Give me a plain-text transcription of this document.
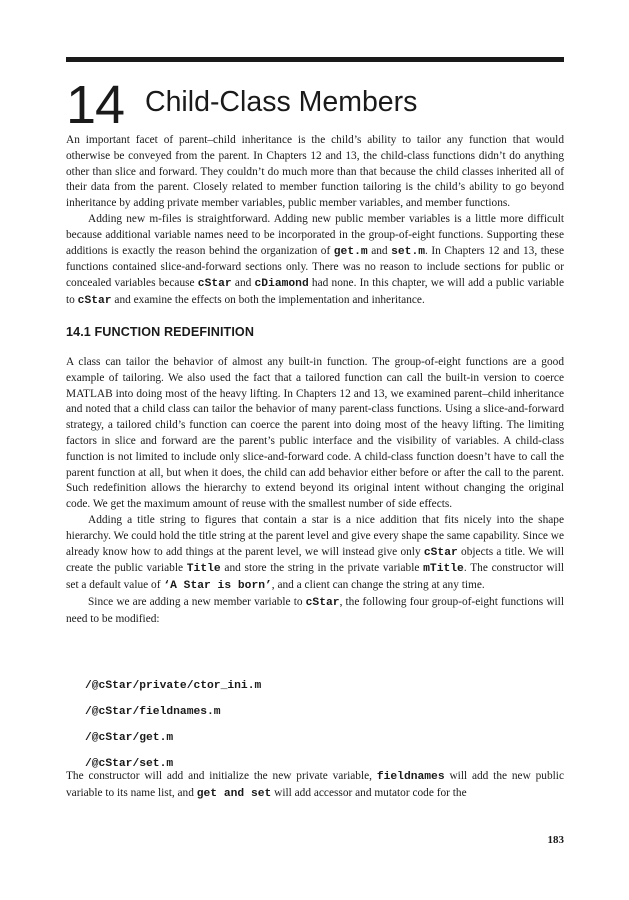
14 Child-Class Members

An important facet of parent–child inheritance is the child’s ability to tailor any function that would otherwise be conveyed from the parent. In Chapters 12 and 13, the child-class functions didn’t do anything other than slice and forward. They couldn’t do much more than that because the child classes inherited all of their data from the parent. Closely related to member function tailoring is the child’s ability to go beyond inheritance by adding private member variables, public member variables, and member functions.

Adding new m-files is straightforward. Adding new public member variables is a little more difficult because additional variable names need to be incorporated in the group-of-eight functions. Supporting these additions is exactly the reason behind the organization of get.m and set.m. In Chapters 12 and 13, these functions contained slice-and-forward sections only. There was no reason to include sections for public or concealed variables because cStar and cDiamond had none. In this chapter, we will add a public variable to cStar and examine the effects on both the implementation and inheritance.

14.1 FUNCTION REDEFINITION

A class can tailor the behavior of almost any built-in function. The group-of-eight functions are a good example of tailoring. We also used the fact that a tailored function can call the built-in version to coerce MATLAB into doing most of the heavy lifting. In Chapters 12 and 13, we examined parent–child inheritance and noted that a child class can tailor the behavior of many parent-class functions. Using a slice-and-forward strategy, a tailored child’s function can coerce the parent into doing most of the heavy lifting. The limiting factors in slice and forward are the parent’s public interface and the visibility of variables. A child-class function is not limited to include only slice-and-forward code. A child-class function doesn’t have to call the parent function at all, but when it does, the child can add behavior either before or after the call to the parent. Such redefinition allows the hierarchy to extend beyond its original intent without changing the original code. We get the maximum amount of reuse with the smallest number of side effects.

Adding a title string to figures that contain a star is a nice addition that fits nicely into the shape hierarchy. We could hold the title string at the parent level and give every shape the same capability. Since we already know how to add things at the parent level, we will instead give only cStar objects a title. We will create the public variable Title and store the string in the private variable mTitle. The constructor will set a default value of ‘A Star is born’, and a client can change the string at any time.

Since we are adding a new member variable to cStar, the following four group-of-eight functions will need to be modified:

/@cStar/private/ctor_ini.m
/@cStar/fieldnames.m
/@cStar/get.m
/@cStar/set.m

The constructor will add and initialize the new private variable, fieldnames will add the new public variable to its name list, and get and set will add accessor and mutator code for the

183
